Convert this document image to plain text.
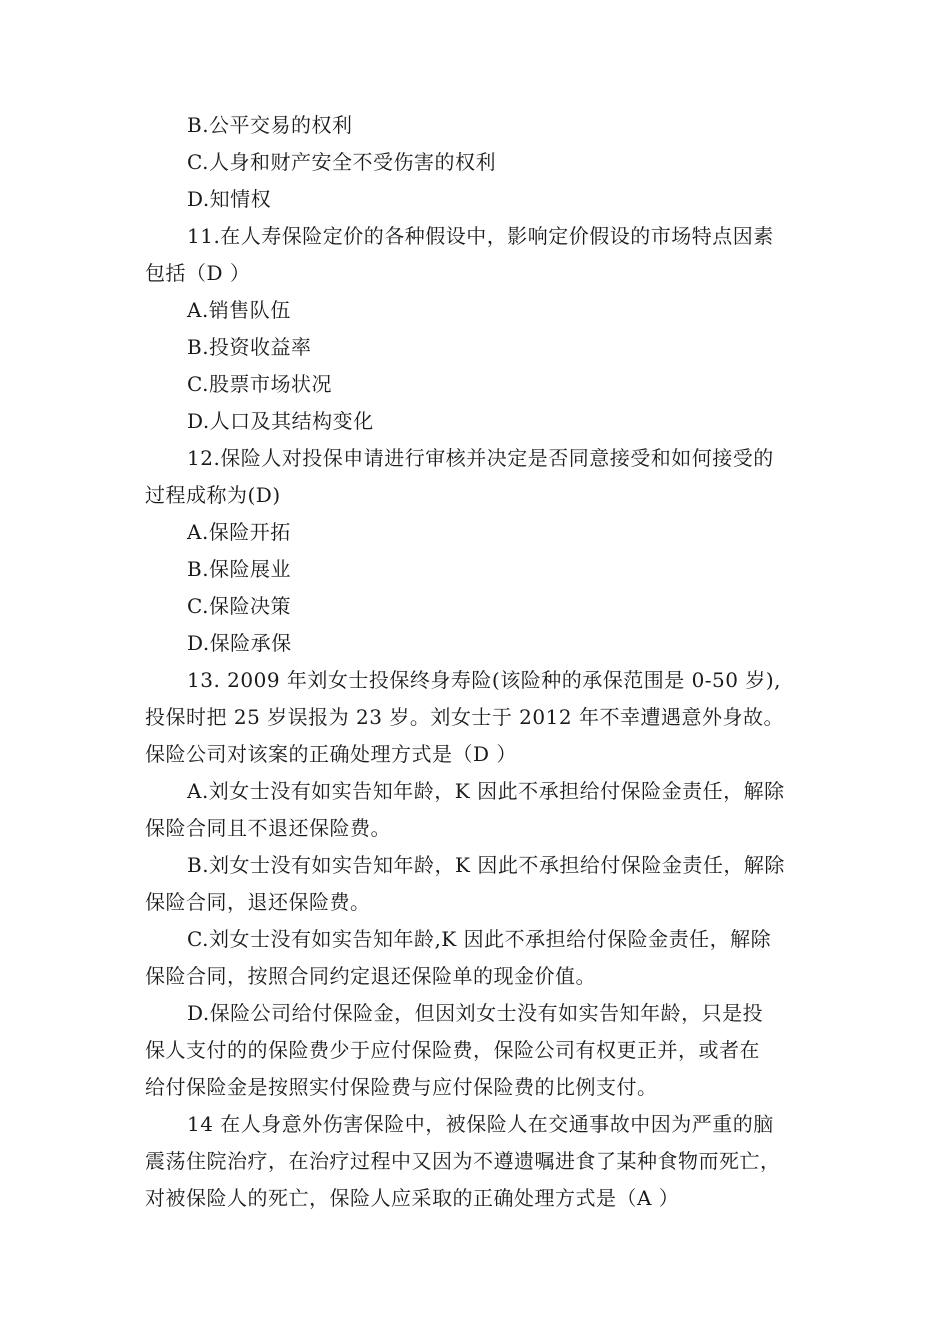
B.公平交易的权利

C.人身和财产安全不受伤害的权利

D.知情权

11.在人寿保险定价的各种假设中，影响定价假设的市场特点因素

包括（D ）

A.销售队伍

B.投资收益率

C.股票市场状况

D.人口及其结构变化

12.保险人对投保申请进行审核并决定是否同意接受和如何接受的

过程成称为(D)

A.保险开拓

B.保险展业

C.保险决策

D.保险承保

13. 2009 年刘女士投保终身寿险(该险种的承保范围是 0-50 岁),

投保时把 25 岁误报为 23 岁。刘女士于 2012 年不幸遭遇意外身故。

保险公司对该案的正确处理方式是（D ）

A.刘女士没有如实告知年龄，K 因此不承担给付保险金责任，解除

保险合同且不退还保险费。

B.刘女士没有如实告知年龄，K 因此不承担给付保险金责任，解除

保险合同，退还保险费。

C.刘女士没有如实告知年龄,K 因此不承担给付保险金责任，解除

保险合同，按照合同约定退还保险单的现金价值。

D.保险公司给付保险金，但因刘女士没有如实告知年龄，只是投

保人支付的的保险费少于应付保险费，保险公司有权更正并，或者在

给付保险金是按照实付保险费与应付保险费的比例支付。

14 在人身意外伤害保险中，被保险人在交通事故中因为严重的脑

震荡住院治疗，在治疗过程中又因为不遵遗嘱进食了某种食物而死亡，

对被保险人的死亡，保险人应采取的正确处理方式是（A ）
